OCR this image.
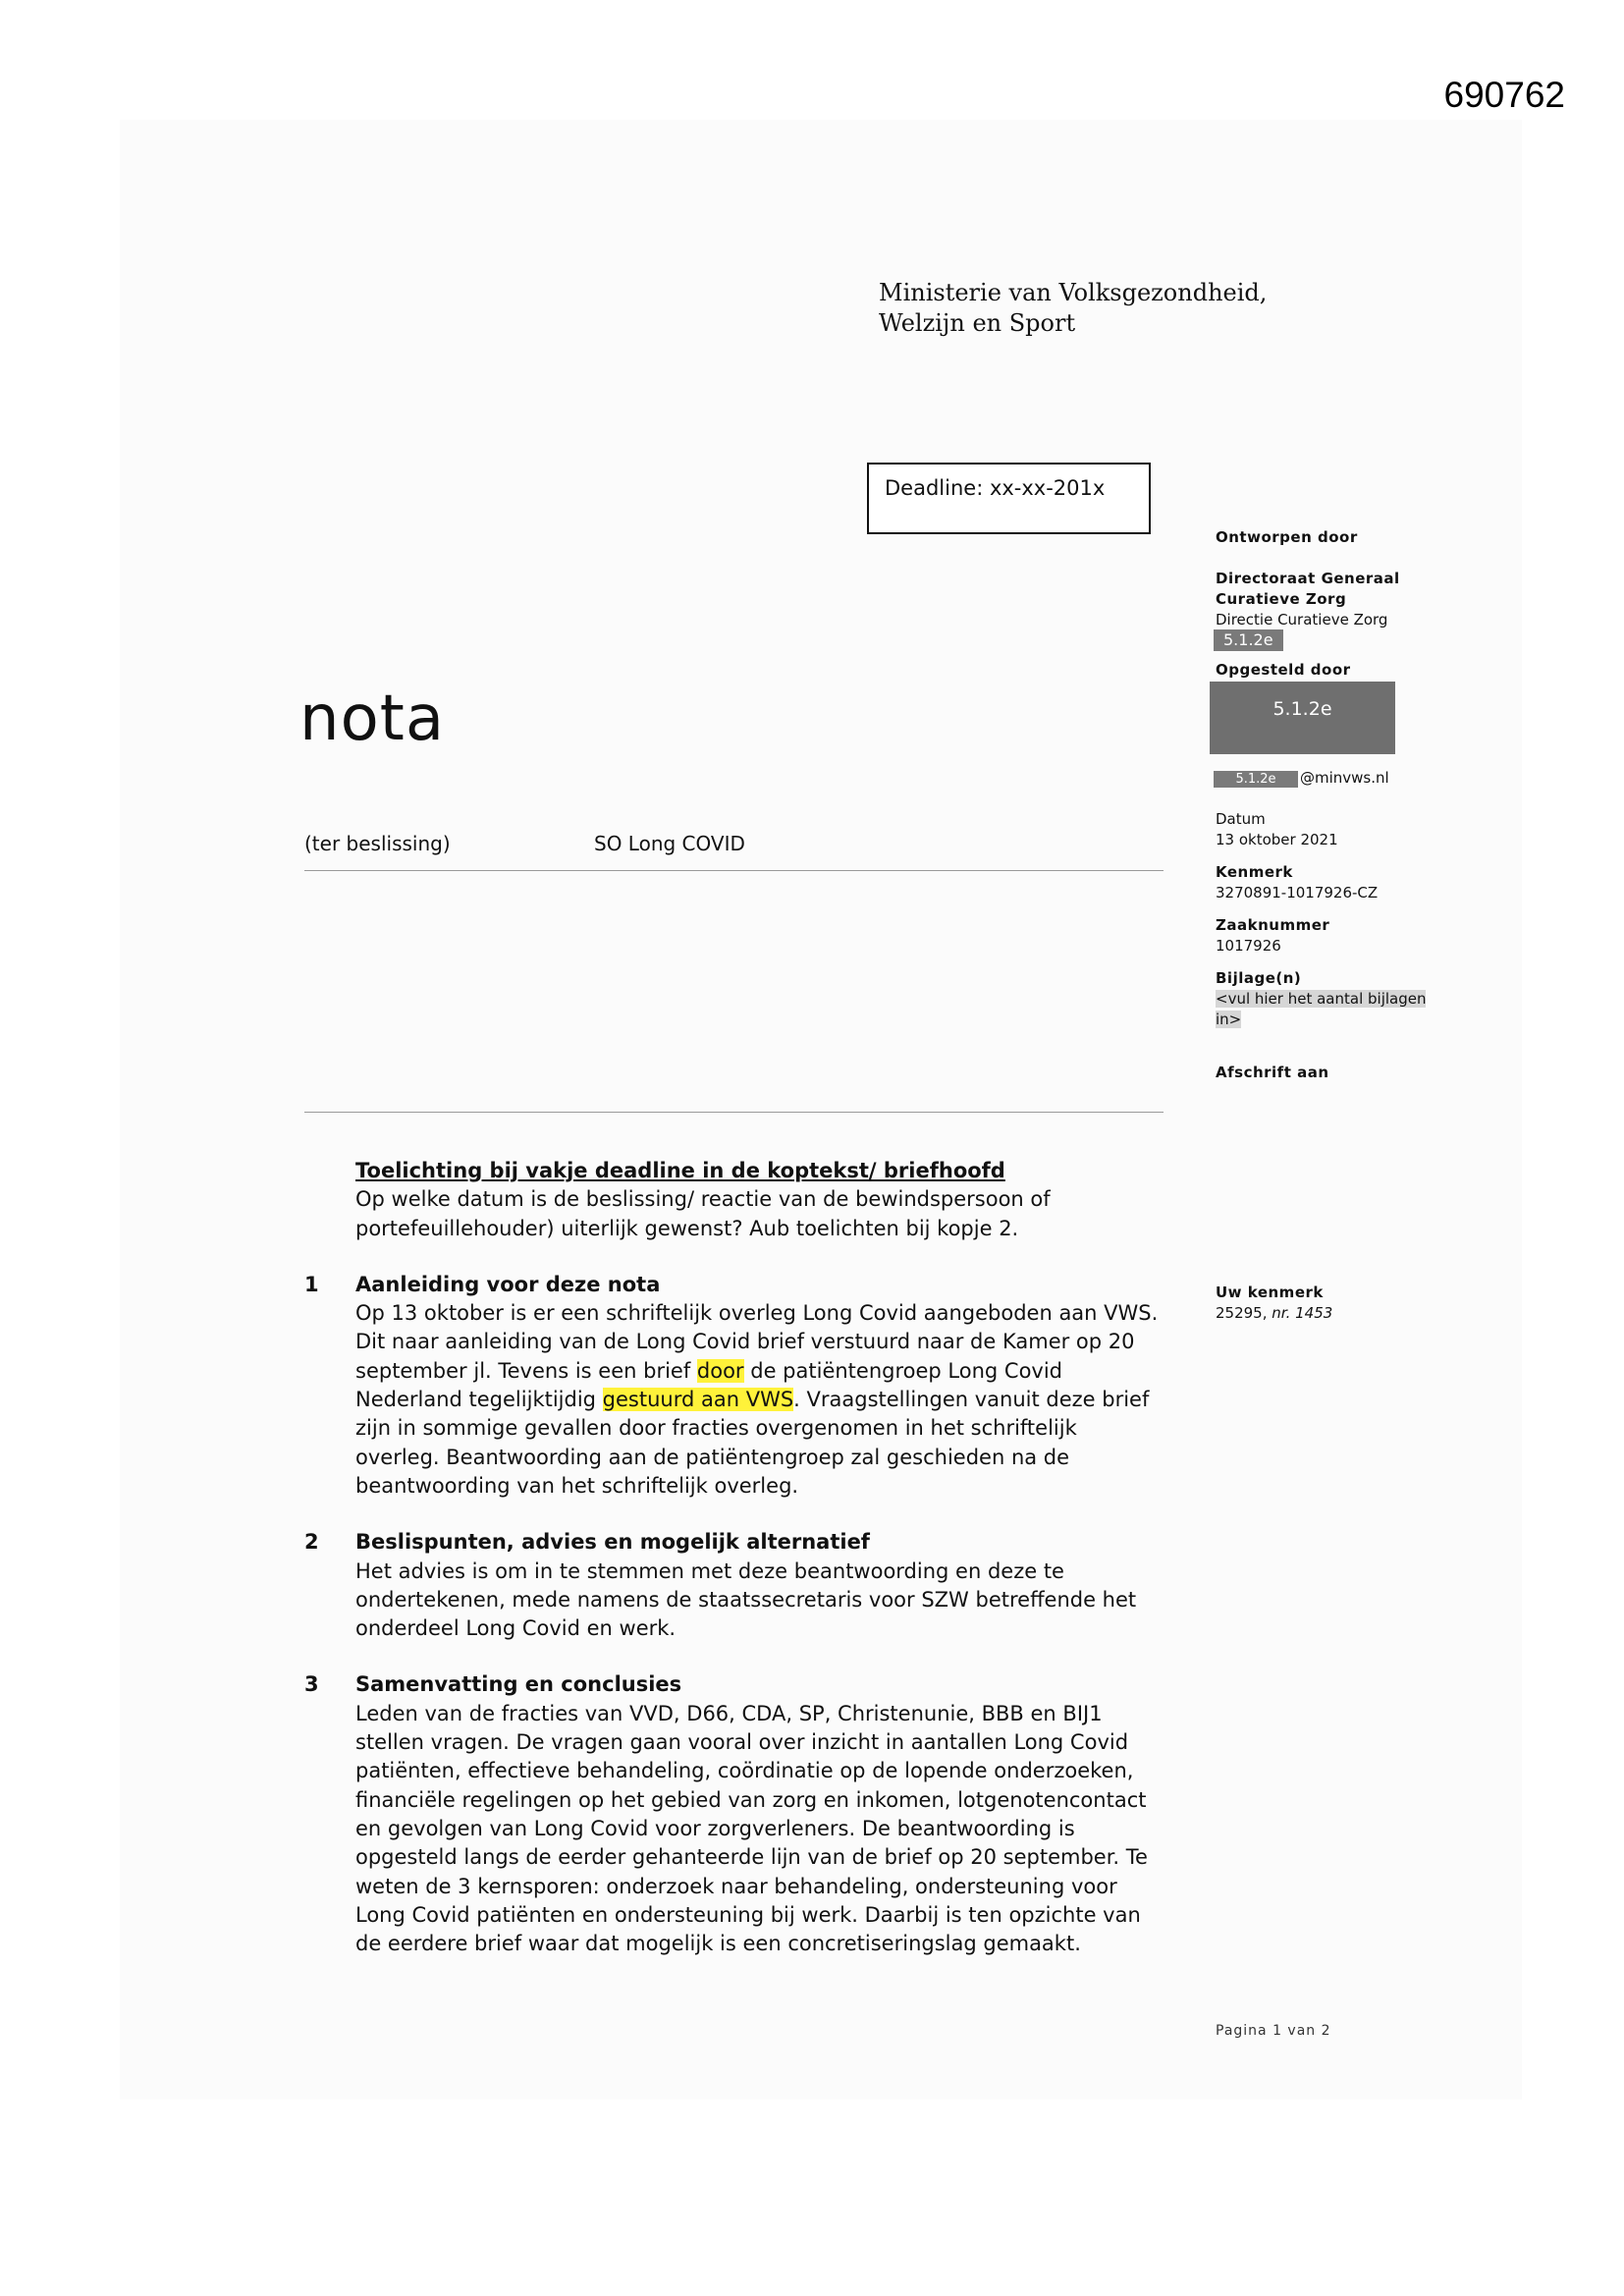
690762
Ministerie van Volksgezondheid,
Welzijn en Sport
Deadline: xx-xx-201x
nota
(ter beslissing)	SO Long COVID
Ontworpen door
Directoraat Generaal
Curatieve Zorg
Directie Curatieve Zorg
5.1.2e
Opgesteld door
5.1.2e
5.1.2e @minvws.nl
Datum
13 oktober 2021
Kenmerk
3270891-1017926-CZ
Zaaknummer
1017926
Bijlage(n)
<vul hier het aantal bijlagen
in>
Afschrift aan
Uw kenmerk
25295, nr. 1453
Toelichting bij vakje deadline in de koptekst/ briefhoofd
Op welke datum is de beslissing/ reactie van de bewindspersoon of
portefeuillehouder) uiterlijk gewenst? Aub toelichten bij kopje 2.
1 Aanleiding voor deze nota
Op 13 oktober is er een schriftelijk overleg Long Covid aangeboden aan VWS.
Dit naar aanleiding van de Long Covid brief verstuurd naar de Kamer op 20
september jl. Tevens is een brief door de patiëntengroep Long Covid
Nederland tegelijktijdig gestuurd aan VWS. Vraagstellingen vanuit deze brief
zijn in sommige gevallen door fracties overgenomen in het schriftelijk
overleg. Beantwoording aan de patiëntengroep zal geschieden na de
beantwoording van het schriftelijk overleg.
2 Beslispunten, advies en mogelijk alternatief
Het advies is om in te stemmen met deze beantwoording en deze te
ondertekenen, mede namens de staatssecretaris voor SZW betreffende het
onderdeel Long Covid en werk.
3 Samenvatting en conclusies
Leden van de fracties van VVD, D66, CDA, SP, Christenunie, BBB en BIJ1
stellen vragen. De vragen gaan vooral over inzicht in aantallen Long Covid
patiënten, effectieve behandeling, coördinatie op de lopende onderzoeken,
financiële regelingen op het gebied van zorg en inkomen, lotgenotencontact
en gevolgen van Long Covid voor zorgverleners. De beantwoording is
opgesteld langs de eerder gehanteerde lijn van de brief op 20 september. Te
weten de 3 kernsporen: onderzoek naar behandeling, ondersteuning voor
Long Covid patiënten en ondersteuning bij werk. Daarbij is ten opzichte van
de eerdere brief waar dat mogelijk is een concretiseringslag gemaakt.
Pagina 1 van 2
